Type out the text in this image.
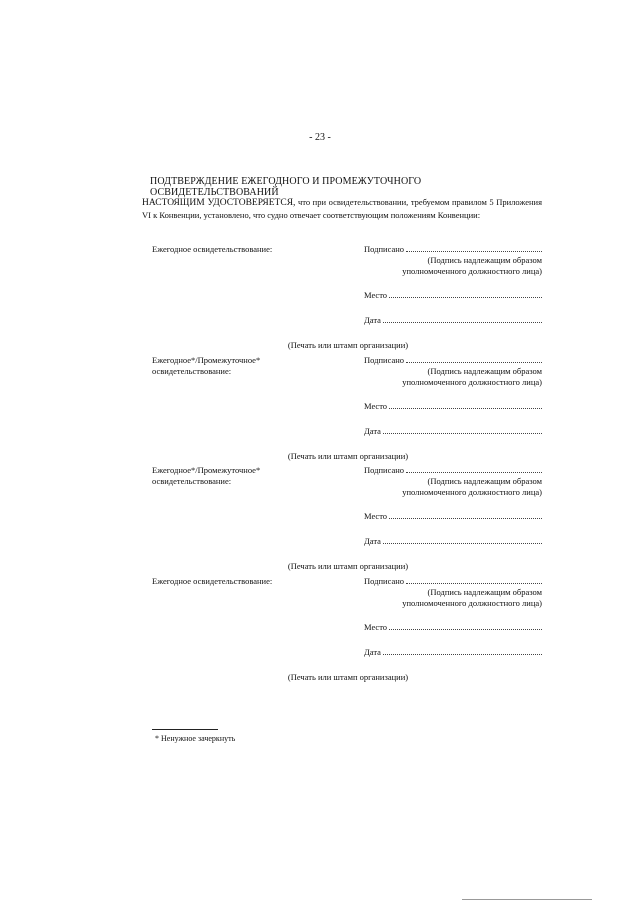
- 23 -
ПОДТВЕРЖДЕНИЕ ЕЖЕГОДНОГО И ПРОМЕЖУТОЧНОГО ОСВИДЕТЕЛЬСТВОВАНИЙ
НАСТОЯЩИМ УДОСТОВЕРЯЕТСЯ, что при освидетельствовании, требуемом правилом 5 Приложения VI к Конвенции, установлено, что судно отвечает соответствующим положениям Конвенции:
Ежегодное освидетельствование:	Подписано
(Подпись надлежащим образом уполномоченного должностного лица)
Место
Дата
(Печать или штамп организации)
Ежегодное*/Промежуточное* освидетельствование:
Подписано
(Подпись надлежащим образом уполномоченного должностного лица)
Место
Дата
(Печать или штамп организации)
Ежегодное*/Промежуточное* освидетельствование:
Подписано
(Подпись надлежащим образом уполномоченного должностного лица)
Место
Дата
(Печать или штамп организации)
Ежегодное освидетельствование:	Подписано
(Подпись надлежащим образом уполномоченного должностного лица)
Место
Дата
(Печать или штамп организации)
* Ненужное зачеркнуть
